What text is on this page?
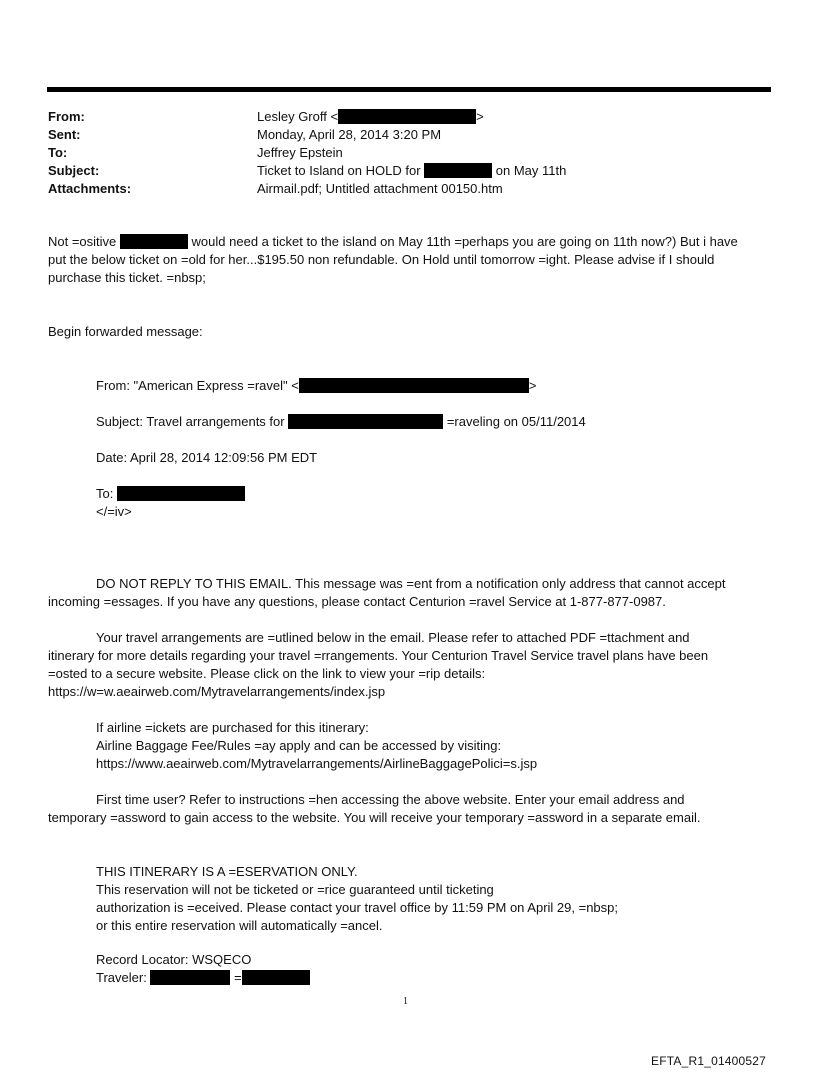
From:	Lesley Groff <	>
Sent:	Monday, April 28, 2014 3:20 PM
To:	Jeffrey Epstein
Subject:	Ticket to Island on HOLD for	on May 11th
Attachments:	Airmail.pdf; Untitled attachment 00150.htm
Not =ositive	would need a ticket to the island on May 11th =perhaps you are going on 11th now?) But i have
put the below ticket on =old for her...$195.50 non refundable. On Hold until tomorrow =ight. Please advise if I should
purchase this ticket. =nbsp;
Begin forwarded message:
From: "American Express =ravel" <	>
Subject: Travel arrangements for	=raveling on 05/11/2014
Date: April 28, 2014 12:09:56 PM EDT
To:
</=iv>
DO NOT REPLY TO THIS EMAIL. This message was =ent from a notification only address that cannot accept
incoming =essages. If you have any questions, please contact Centurion =ravel Service at 1-877-877-0987.
Your travel arrangements are =utlined below in the email. Please refer to attached PDF =ttachment and
itinerary for more details regarding your travel =rrangements. Your Centurion Travel Service travel plans have been
=osted to a secure website. Please click on the link to view your =rip details:
https://w=w.aeairweb.com/Mytravelarrangements/index.jsp
If airline =ickets are purchased for this itinerary:
Airline Baggage Fee/Rules =ay apply and can be accessed by visiting:
https://www.aeairweb.com/Mytravelarrangements/AirlineBaggagePolici=s.jsp
First time user? Refer to instructions =hen accessing the above website. Enter your email address and
temporary =assword to gain access to the website. You will receive your temporary =assword in a separate email.
THIS ITINERARY IS A =ESERVATION ONLY.
This reservation will not be ticketed or =rice guaranteed until ticketing
authorization is =eceived. Please contact your travel office by 11:59 PM on April 29, =nbsp;
or this entire reservation will automatically =ancel.
Record Locator: WSQECO
Traveler:	=
1
EFTA_R1_01400527
